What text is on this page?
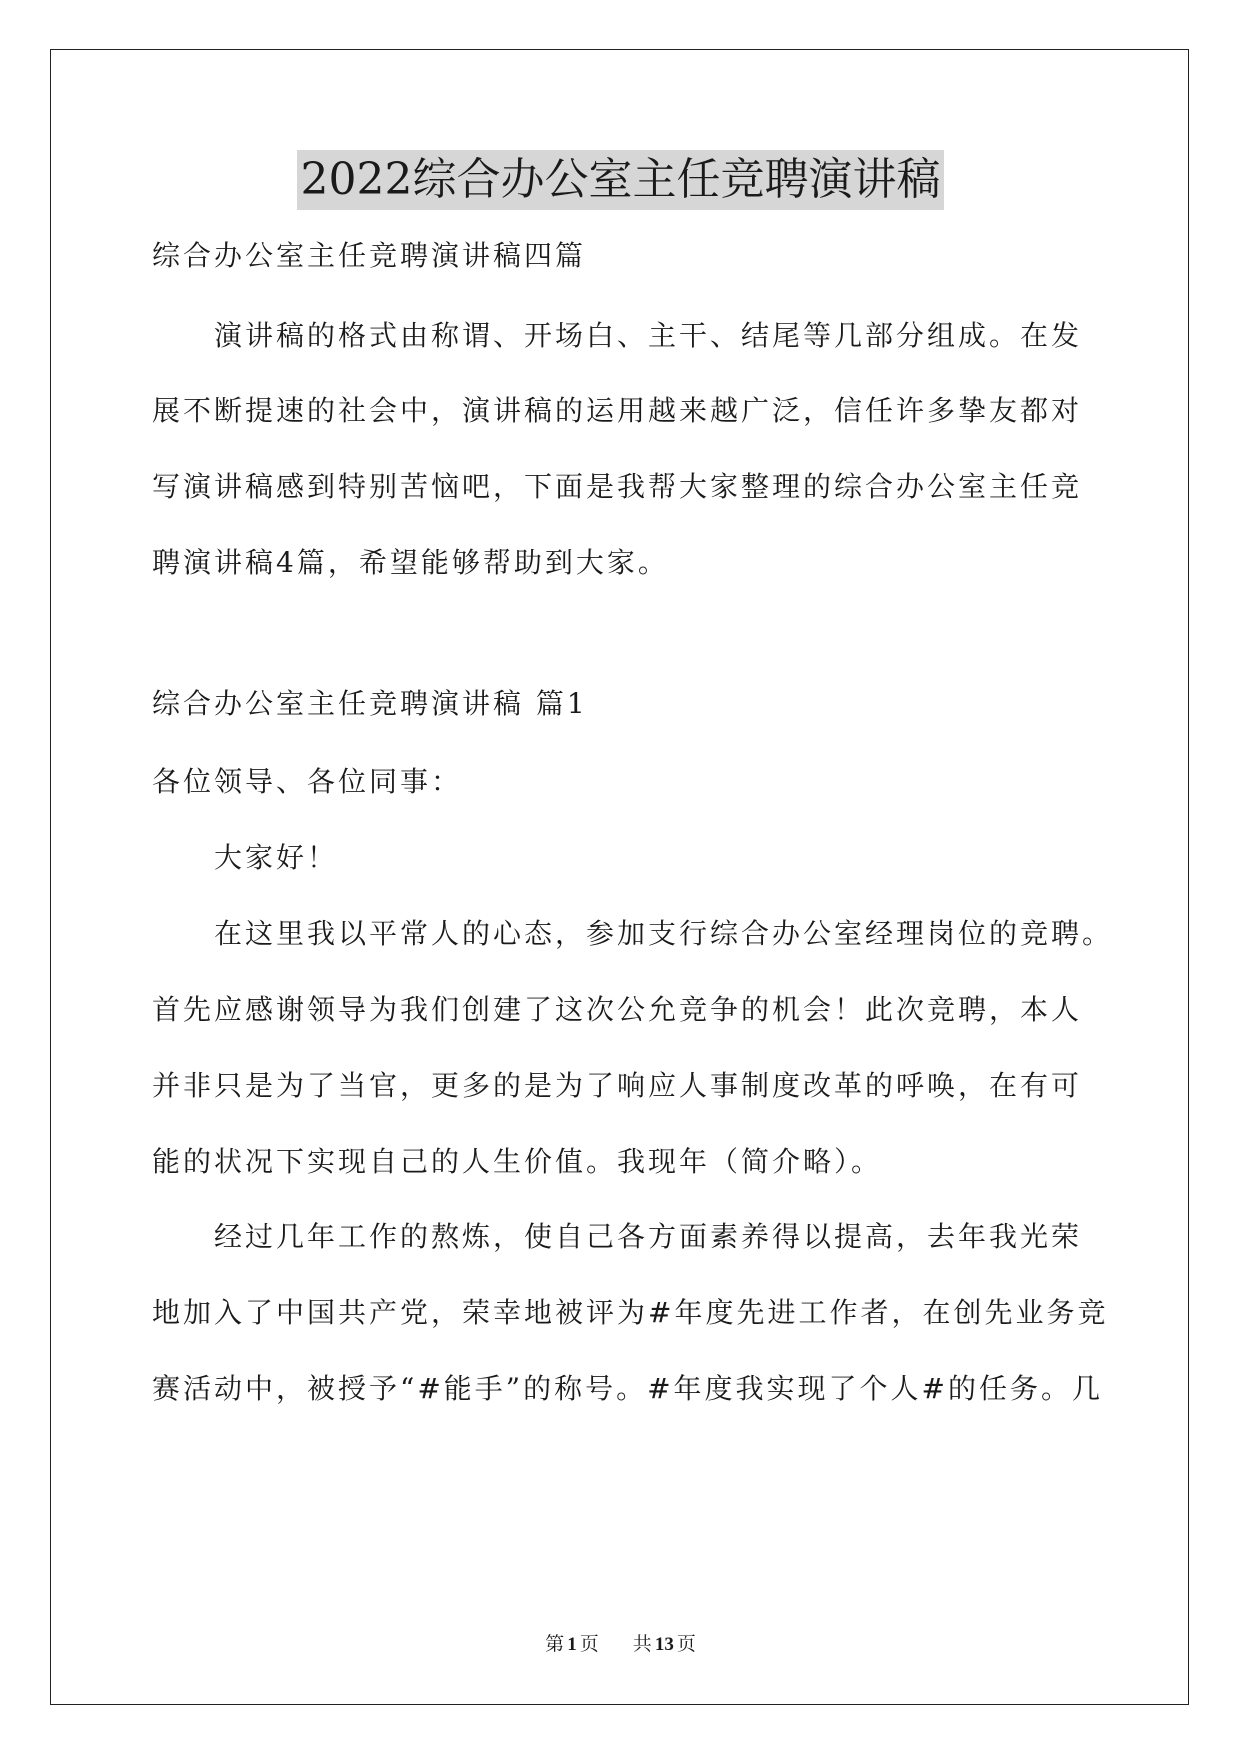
2022综合办公室主任竞聘演讲稿
综合办公室主任竞聘演讲稿四篇
　　演讲稿的格式由称谓、开场白、主干、结尾等几部分组成。在发
展不断提速的社会中，演讲稿的运用越来越广泛，信任许多挚友都对
写演讲稿感到特别苦恼吧，下面是我帮大家整理的综合办公室主任竞
聘演讲稿4篇，希望能够帮助到大家。
综合办公室主任竞聘演讲稿 篇1
各位领导、各位同事：
　　大家好！
　　在这里我以平常人的心态，参加支行综合办公室经理岗位的竞聘。
首先应感谢领导为我们创建了这次公允竞争的机会！此次竞聘，本人
并非只是为了当官，更多的是为了响应人事制度改革的呼唤，在有可
能的状况下实现自己的人生价值。我现年（简介略）。
　　经过几年工作的熬炼，使自己各方面素养得以提高，去年我光荣
地加入了中国共产党，荣幸地被评为#年度先进工作者，在创先业务竞
赛活动中，被授予“#能手”的称号。#年度我实现了个人#的任务。几
第 1 页 共 13 页
